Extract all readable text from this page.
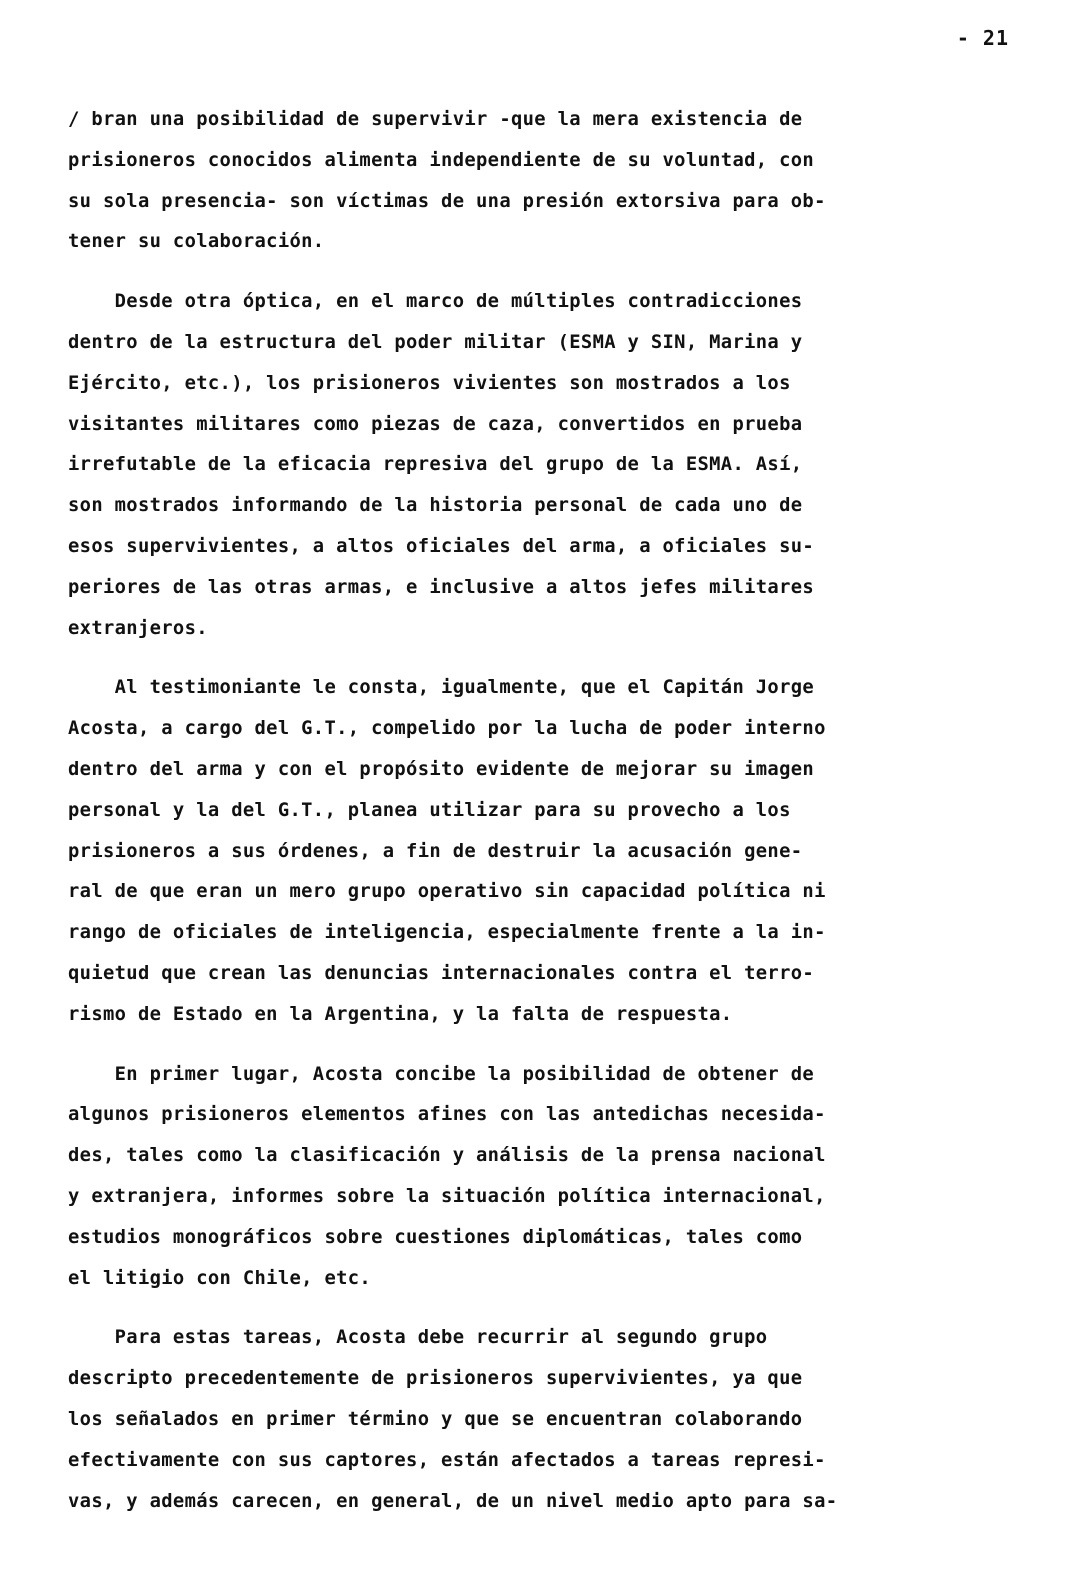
- 21
/ bran una posibilidad de supervivir -que la mera existencia de
prisioneros conocidos alimenta independiente de su voluntad, con
su sola presencia- son víctimas de una presión extorsiva para ob-
tener su colaboración.
Desde otra óptica, en el marco de múltiples contradicciones
dentro de la estructura del poder militar (ESMA y SIN, Marina y
Ejército, etc.), los prisioneros vivientes son mostrados a los
visitantes militares como piezas de caza, convertidos en prueba
irrefutable de la eficacia represiva del grupo de la ESMA. Así,
son mostrados informando de la historia personal de cada uno de
esos supervivientes, a altos oficiales del arma, a oficiales su-
periores de las otras armas, e inclusive a altos jefes militares
extranjeros.
Al testimoniante le consta, igualmente, que el Capitán Jorge
Acosta, a cargo del G.T., compelido por la lucha de poder interno
dentro del arma y con el propósito evidente de mejorar su imagen
personal y la del G.T., planea utilizar para su provecho a los
prisioneros a sus órdenes, a fin de destruir la acusación gene-
ral de que eran un mero grupo operativo sin capacidad política ni
rango de oficiales de inteligencia, especialmente frente a la in-
quietud que crean las denuncias internacionales contra el terro-
rismo de Estado en la Argentina, y la falta de respuesta.
En primer lugar, Acosta concibe la posibilidad de obtener de
algunos prisioneros elementos afines con las antedichas necesida-
des, tales como la clasificación y análisis de la prensa nacional
y extranjera, informes sobre la situación política internacional,
estudios monográficos sobre cuestiones diplomáticas, tales como
el litigio con Chile, etc.
Para estas tareas, Acosta debe recurrir al segundo grupo
descripto precedentemente de prisioneros supervivientes, ya que
los señalados en primer término y que se encuentran colaborando
efectivamente con sus captores, están afectados a tareas represi-
vas, y además carecen, en general, de un nivel medio apto para sa-
